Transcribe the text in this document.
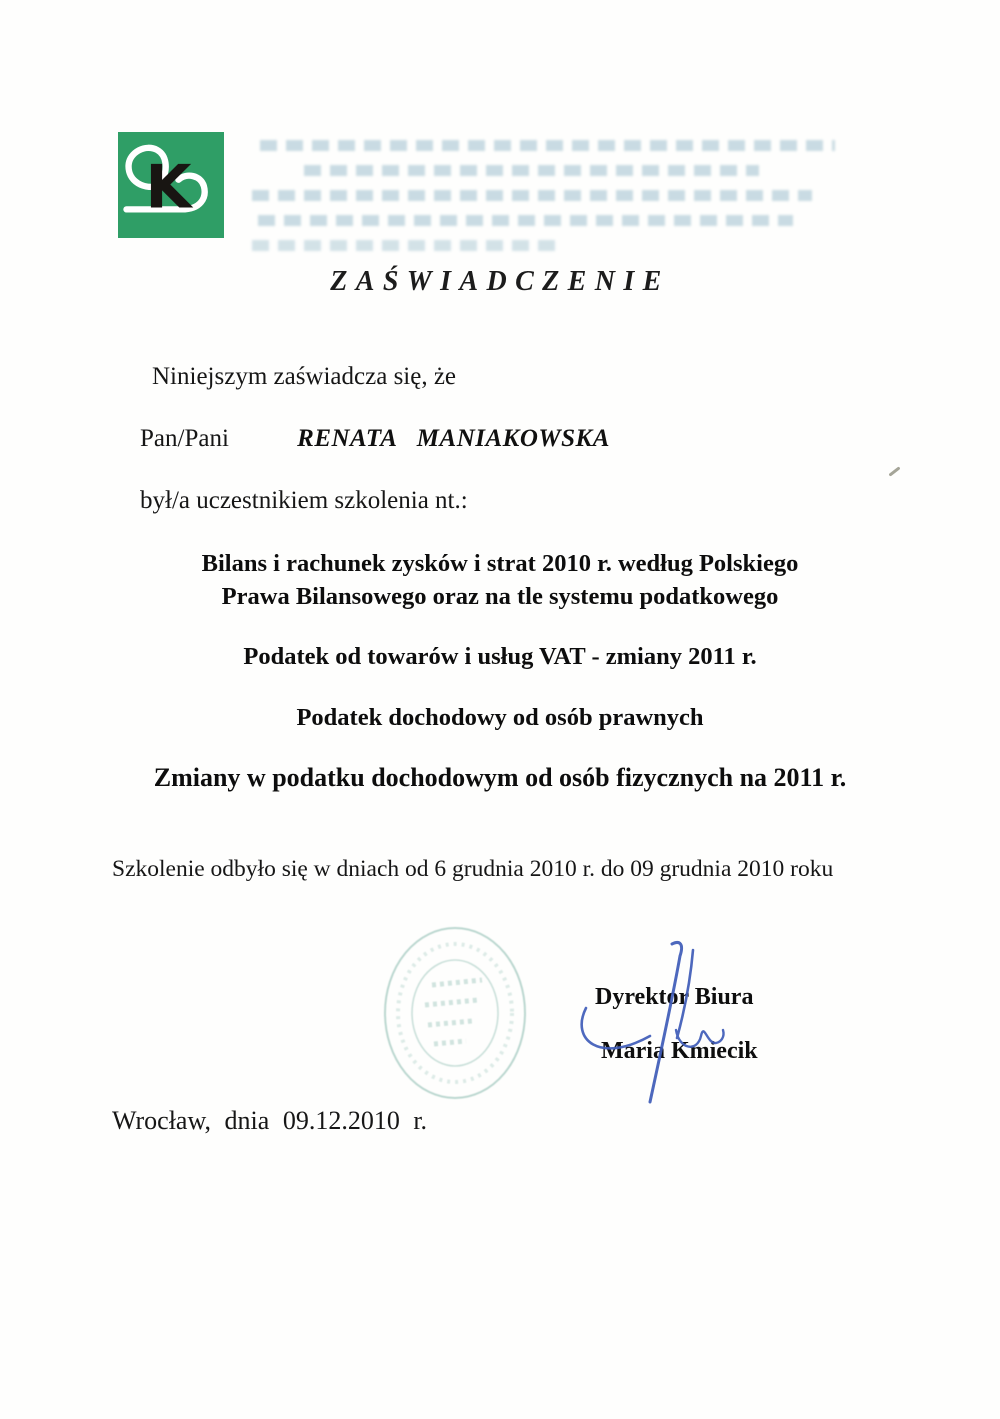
K
ZAŚWIADCZENIE
Niniejszym zaświadcza się, że
Pan/Pani	RENATA MANIAKOWSKA
był/a uczestnikiem szkolenia nt.:
Bilans i rachunek zysków i strat 2010 r. według Polskiego
Prawa Bilansowego oraz na tle systemu podatkowego
Podatek od towarów i usług VAT - zmiany 2011 r.
Podatek dochodowy od osób prawnych
Zmiany w podatku dochodowym od osób fizycznych na 2011 r.
Szkolenie odbyło się w dniach od 6 grudnia 2010 r. do 09 grudnia 2010 roku
Dyrektor Biura
Maria Kmiecik
Wrocław, dnia 09.12.2010 r.
